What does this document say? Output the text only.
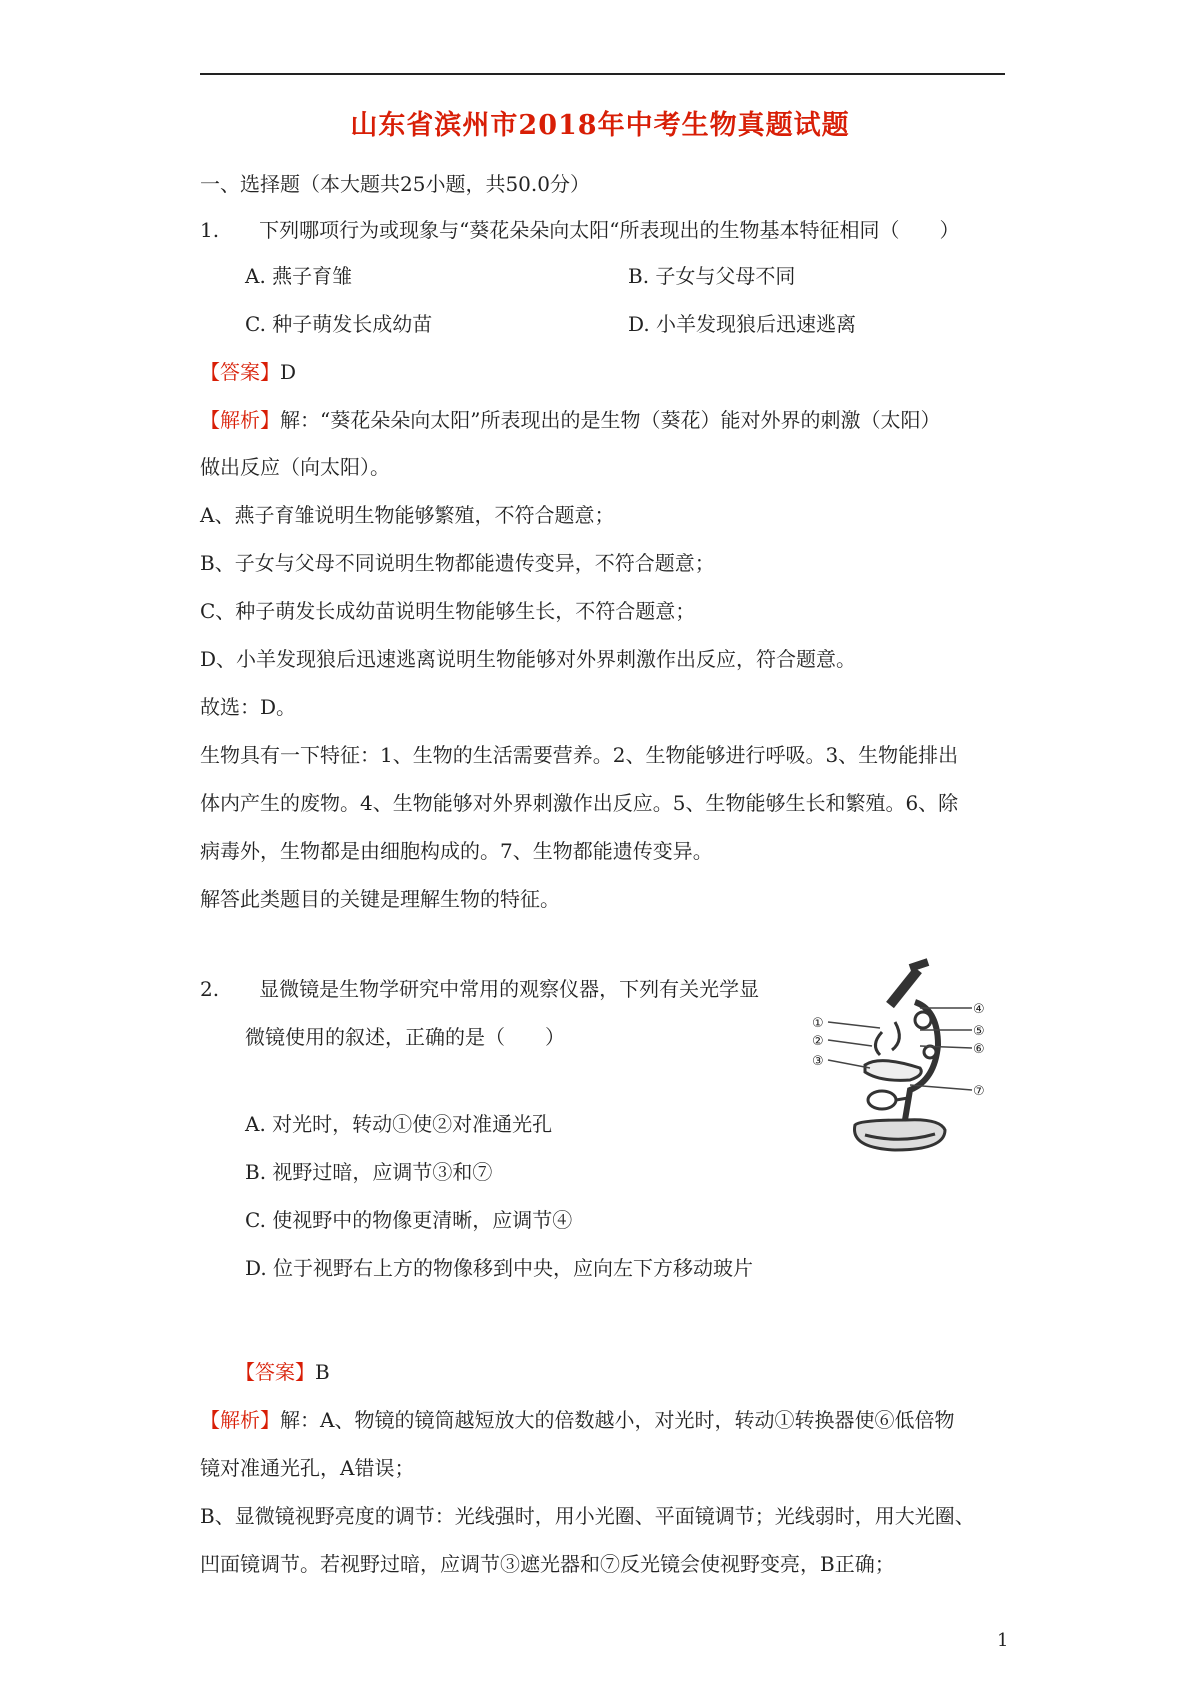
山东省滨州市2018年中考生物真题试题
一、选择题（本大题共25小题，共50.0分）
1.　　下列哪项行为或现象与“葵花朵朵向太阳“所表现出的生物基本特征相同（　　）
A. 燕子育雏	B. 子女与父母不同
C. 种子萌发长成幼苗	D. 小羊发现狼后迅速逃离
【答案】D
【解析】解：“葵花朵朵向太阳”所表现出的是生物（葵花）能对外界的刺激（太阳）
做出反应（向太阳）。
A、燕子育雏说明生物能够繁殖，不符合题意；
B、子女与父母不同说明生物都能遗传变异，不符合题意；
C、种子萌发长成幼苗说明生物能够生长，不符合题意；
D、小羊发现狼后迅速逃离说明生物能够对外界刺激作出反应，符合题意。
故选：D。
生物具有一下特征：1、生物的生活需要营养。2、生物能够进行呼吸。3、生物能排出
体内产生的废物。4、生物能够对外界刺激作出反应。5、生物能够生长和繁殖。6、除
病毒外，生物都是由细胞构成的。7、生物都能遗传变异。
解答此类题目的关键是理解生物的特征。
2.　　显微镜是生物学研究中常用的观察仪器，下列有关光学显
微镜使用的叙述，正确的是（　　）
①
②
③
④
⑤
⑥
⑦
A. 对光时，转动①使②对准通光孔
B. 视野过暗，应调节③和⑦
C. 使视野中的物像更清晰，应调节④
D. 位于视野右上方的物像移到中央，应向左下方移动玻片
【答案】B
【解析】解：A、物镜的镜筒越短放大的倍数越小，对光时，转动①转换器使⑥低倍物
镜对准通光孔，A错误；
B、显微镜视野亮度的调节：光线强时，用小光圈、平面镜调节；光线弱时，用大光圈、
凹面镜调节。若视野过暗，应调节③遮光器和⑦反光镜会使视野变亮，B正确；
1
